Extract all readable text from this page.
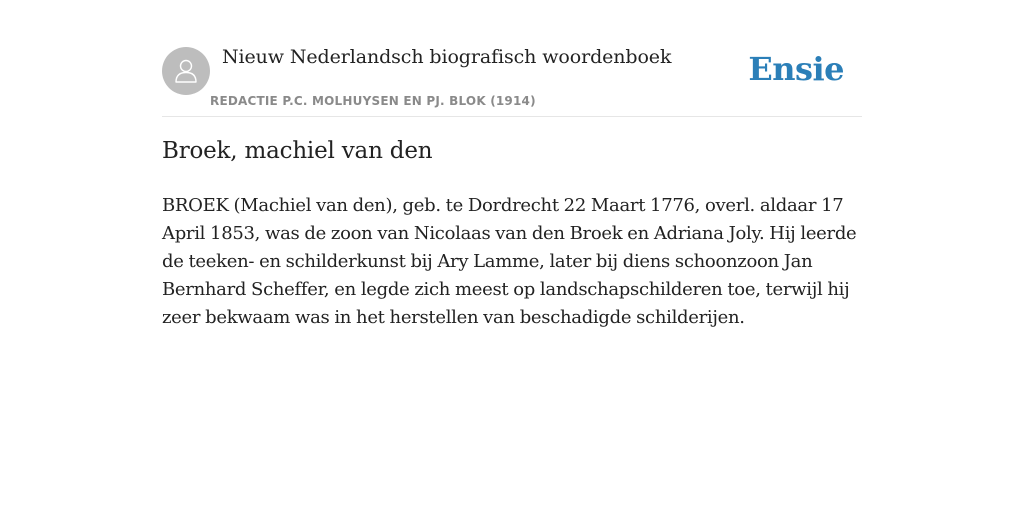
Nieuw Nederlandsch biografisch woordenboek
REDACTIE P.C. MOLHUYSEN EN PJ. BLOK (1914)
Ensie
Broek, machiel van den

BROEK (Machiel van den), geb. te Dordrecht 22 Maart 1776, overl. aldaar 17 April 1853, was de zoon van Nicolaas van den Broek en Adriana Joly. Hij leerde de teeken- en schilderkunst bij Ary Lamme, later bij diens schoonzoon Jan Bernhard Scheffer, en legde zich meest op landschapschilderen toe, terwijl hij zeer bekwaam was in het herstellen van beschadigde schilderijen.
